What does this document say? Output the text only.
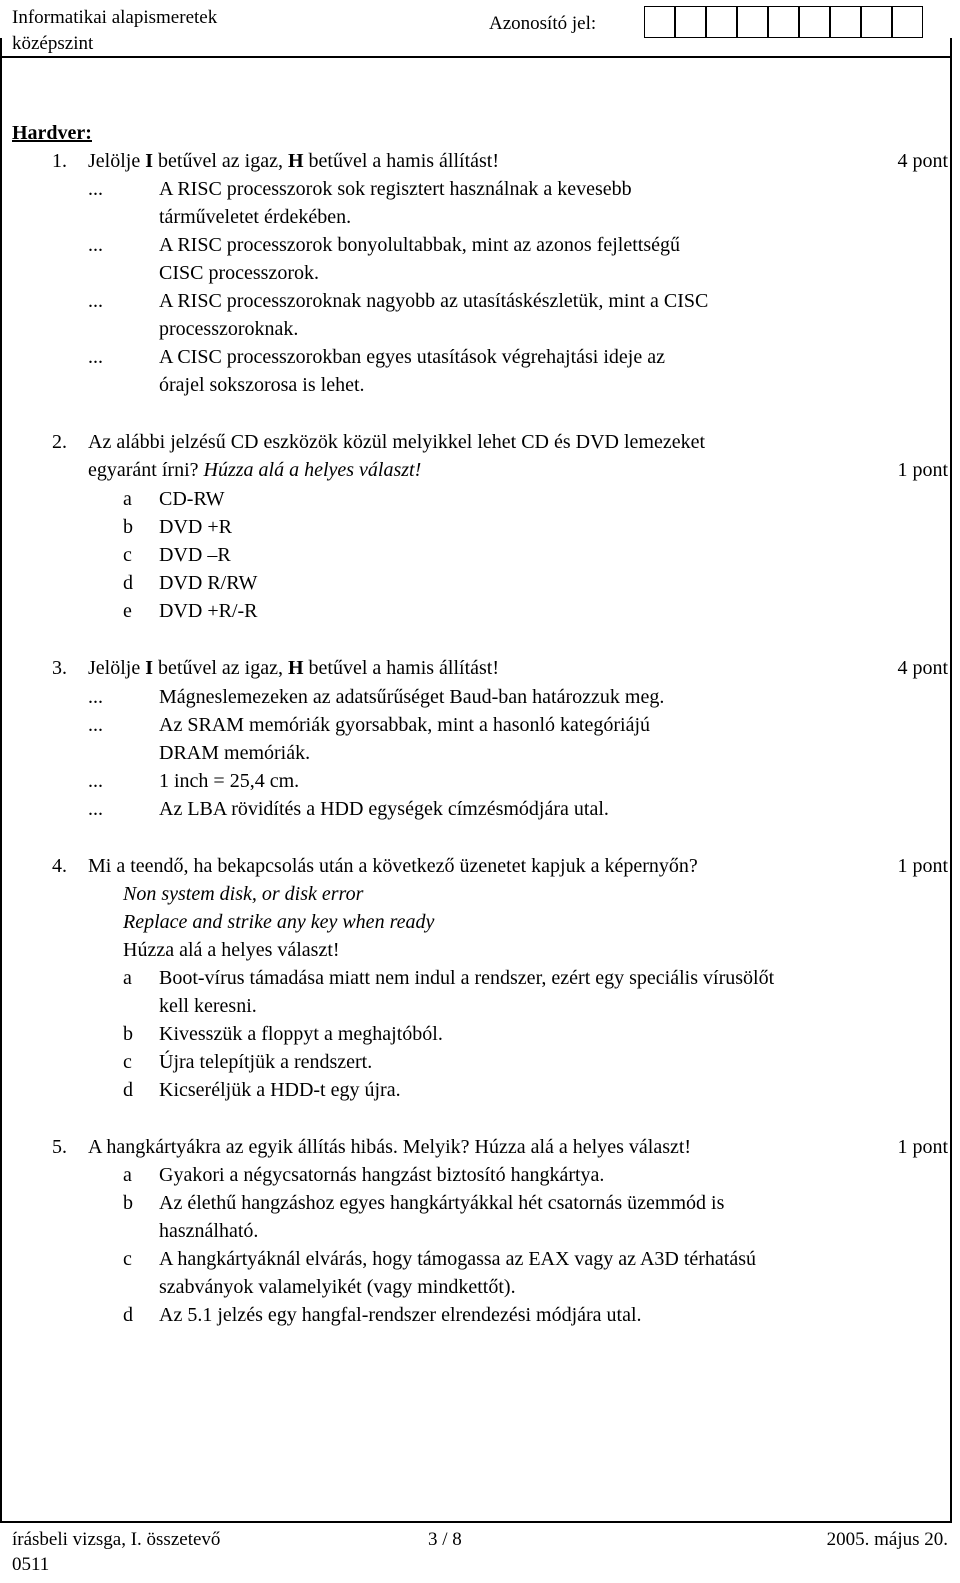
Informatikai alapismeretek
középszint
Azonosító jel:
Hardver:
1. Jelölje I betűvel az igaz, H betűvel a hamis állítást!	4 pont
...	A RISC processzorok sok regisztert használnak a kevesebb
tárműveletet érdekében.
...	A RISC processzorok bonyolultabbak, mint az azonos fejlettségű
CISC processzorok.
...	A RISC processzoroknak nagyobb az utasításkészletük, mint a CISC
processzoroknak.
...	A CISC processzorokban egyes utasítások végrehajtási ideje az
órajel sokszorosa is lehet.
2. Az alábbi jelzésű CD eszközök közül melyikkel lehet CD és DVD lemezeket
egyaránt írni? Húzza alá a helyes választ!	1 pont
a CD-RW
b DVD +R
c DVD –R
d DVD R/RW
e DVD +R/-R
3. Jelölje I betűvel az igaz, H betűvel a hamis állítást!	4 pont
...	Mágneslemezeken az adatsűrűséget Baud-ban határozzuk meg.
...	Az SRAM memóriák gyorsabbak, mint a hasonló kategóriájú
DRAM memóriák.
...	1 inch = 25,4 cm.
...	Az LBA rövidítés a HDD egységek címzésmódjára utal.
4. Mi a teendő, ha bekapcsolás után a következő üzenetet kapjuk a képernyőn?	1 pont
Non system disk, or disk error
Replace and strike any key when ready
Húzza alá a helyes választ!
a Boot-vírus támadása miatt nem indul a rendszer, ezért egy speciális vírusölőt
kell keresni.
b Kivesszük a floppyt a meghajtóból.
c Újra telepítjük a rendszert.
d Kicseréljük a HDD-t egy újra.
5. A hangkártyákra az egyik állítás hibás. Melyik? Húzza alá a helyes választ!	1 pont
a Gyakori a négycsatornás hangzást biztosító hangkártya.
b Az élethű hangzáshoz egyes hangkártyákkal hét csatornás üzemmód is
használható.
c A hangkártyáknál elvárás, hogy támogassa az EAX vagy az A3D térhatású
szabványok valamelyikét (vagy mindkettőt).
d Az 5.1 jelzés egy hangfal-rendszer elrendezési módjára utal.
írásbeli vizsga, I. összetevő
0511
3 / 8	2005. május 20.
